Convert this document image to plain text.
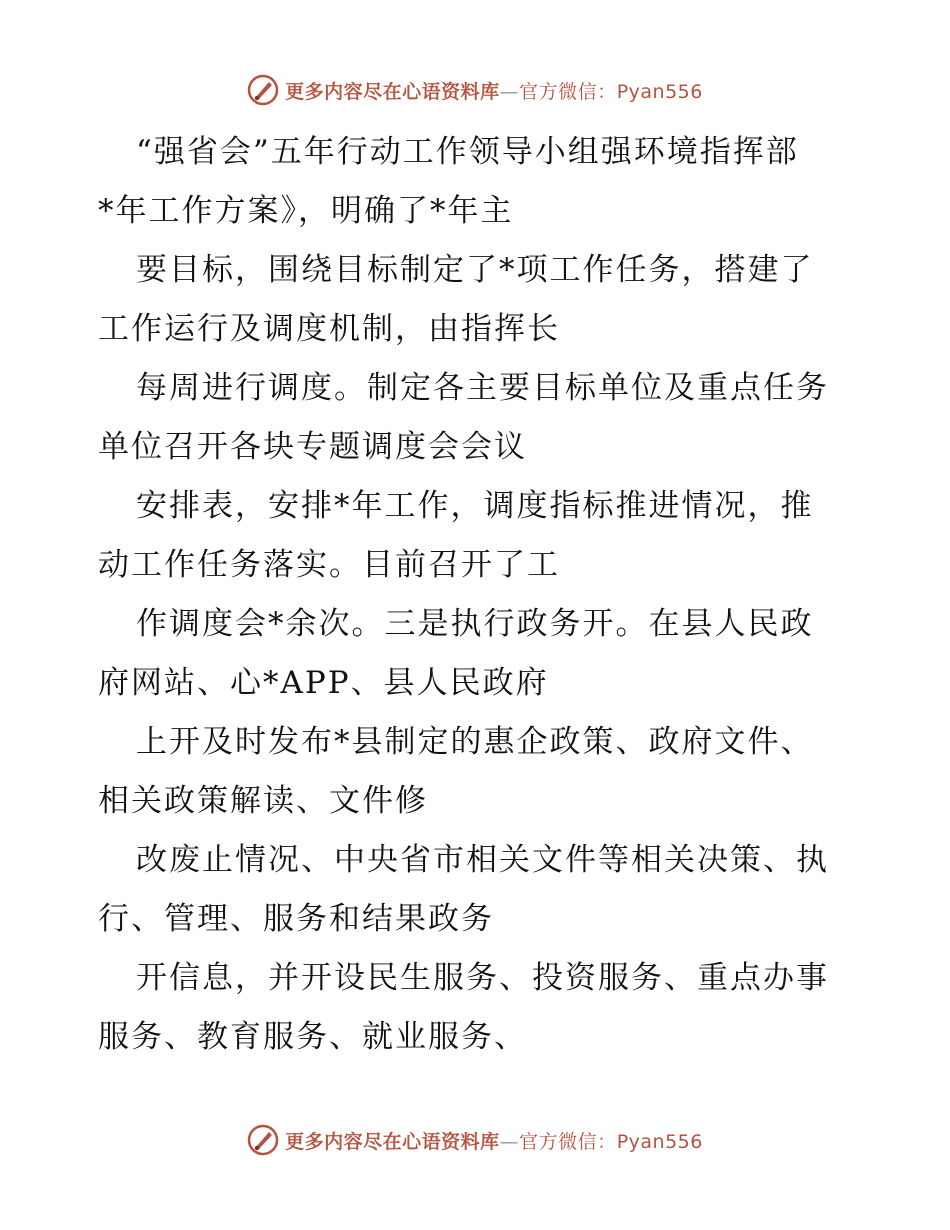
更多内容尽在心语资料库—官方微信：Pyan556
“强省会”五年行动工作领导小组强环境指挥部
*年工作方案》，明确了*年主
要目标，围绕目标制定了*项工作任务，搭建了
工作运行及调度机制，由指挥长
每周进行调度。制定各主要目标单位及重点任务
单位召开各块专题调度会会议
安排表，安排*年工作，调度指标推进情况，推
动工作任务落实。目前召开了工
作调度会*余次。三是执行政务开。在县人民政
府网站、心*APP、县人民政府
上开及时发布*县制定的惠企政策、政府文件、
相关政策解读、文件修
改废止情况、中央省市相关文件等相关决策、执
行、管理、服务和结果政务
开信息，并开设民生服务、投资服务、重点办事
服务、教育服务、就业服务、
更多内容尽在心语资料库—官方微信：Pyan556
